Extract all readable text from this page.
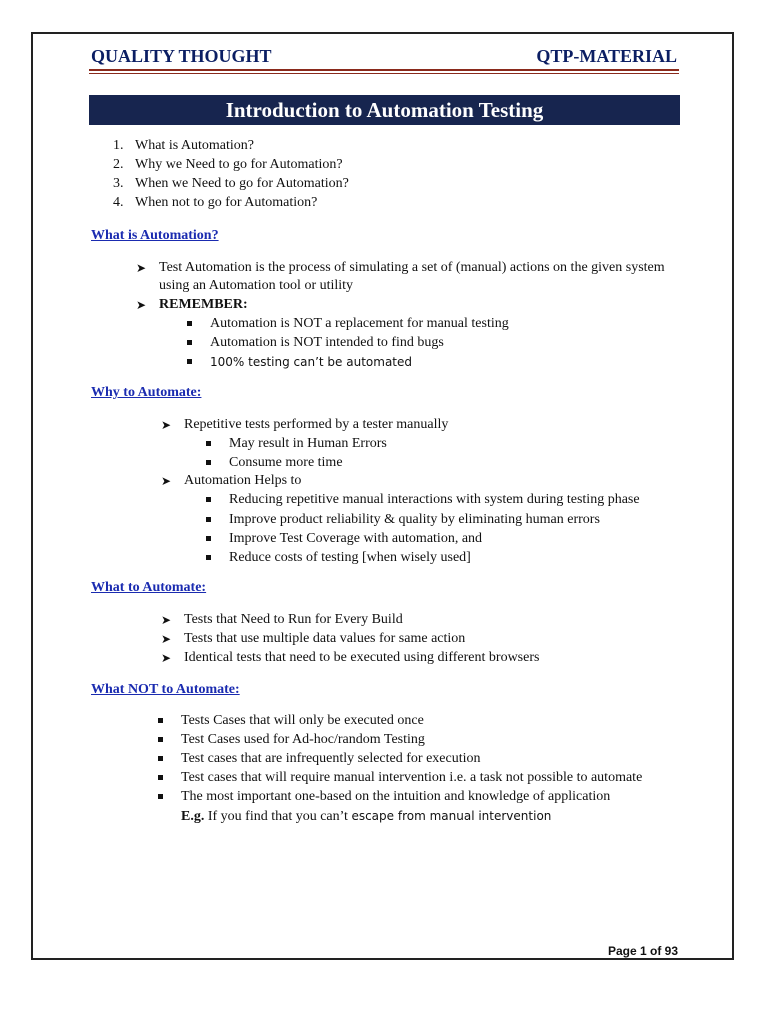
QUALITY THOUGHT	QTP-MATERIAL
Introduction to Automation Testing
1. What is Automation?
2. Why we Need to go for Automation?
3. When we Need to go for Automation?
4. When not to go for Automation?
What is Automation?
➤ Test Automation is the process of simulating a set of (manual) actions on the given system
using an Automation tool or utility
➤ REMEMBER:
Automation is NOT a replacement for manual testing
Automation is NOT intended to find bugs
100% testing can’t be automated
Why to Automate:
➤ Repetitive tests performed by a tester manually
May result in Human Errors
Consume more time
➤ Automation Helps to
Reducing repetitive manual interactions with system during testing phase
Improve product reliability & quality by eliminating human errors
Improve Test Coverage with automation, and
Reduce costs of testing [when wisely used]
What to Automate:
➤ Tests that Need to Run for Every Build
➤ Tests that use multiple data values for same action
➤ Identical tests that need to be executed using different browsers
What NOT to Automate:
Tests Cases that will only be executed once
Test Cases used for Ad-hoc/random Testing
Test cases that are infrequently selected for execution
Test cases that will require manual intervention i.e. a task not possible to automate
The most important one-based on the intuition and knowledge of application
E.g. If you find that you can’t escape from manual intervention
Page 1 of 93
